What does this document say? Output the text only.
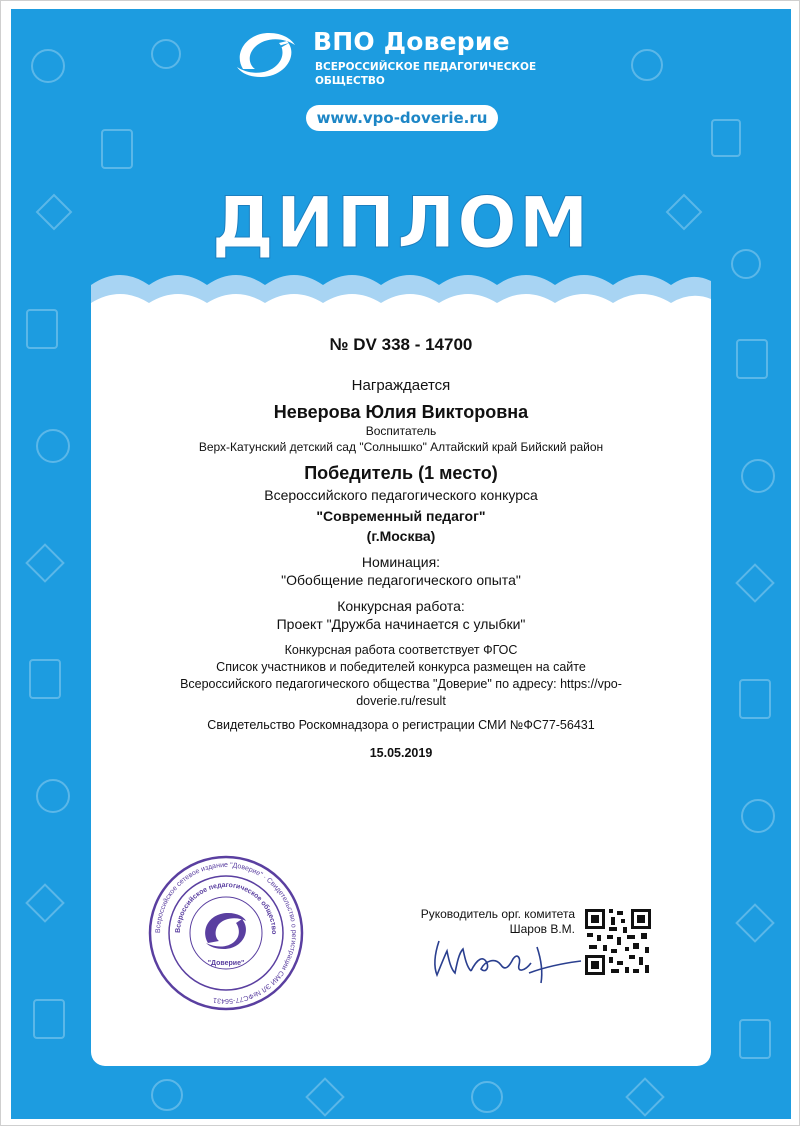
ВПО Доверие
ВСЕРОССИЙСКОЕ ПЕДАГОГИЧЕСКОЕ
ОБЩЕСТВО
www.vpo-doverie.ru
ДИПЛОМ

№ DV 338 - 14700

Награждается

Неверова Юлия Викторовна

Воспитатель

Верх-Катунский детский сад "Солнышко" Алтайский край Бийский район

Победитель (1 место)

Всероссийского педагогического конкурса

"Современный педагог"

(г.Москва)

Номинация:

"Обобщение педагогического опыта"

Конкурсная работа:

Проект "Дружба начинается с улыбки"

Конкурсная работа соответствует ФГОС
Список участников и победителей конкурса размещен на сайте
Всероссийского педагогического общества "Доверие" по адресу: https://vpo-
doverie.ru/result

Свидетельство Роскомнадзора о регистрации СМИ №ФС77-56431

15.05.2019

Всероссийское сетевое издание "Доверие" · Свидетельство о регистрации СМИ ЭЛ №ФС77-56431
Всероссийское педагогическое общество
"Доверие"
Руководитель орг. комитета
Шаров В.М.
